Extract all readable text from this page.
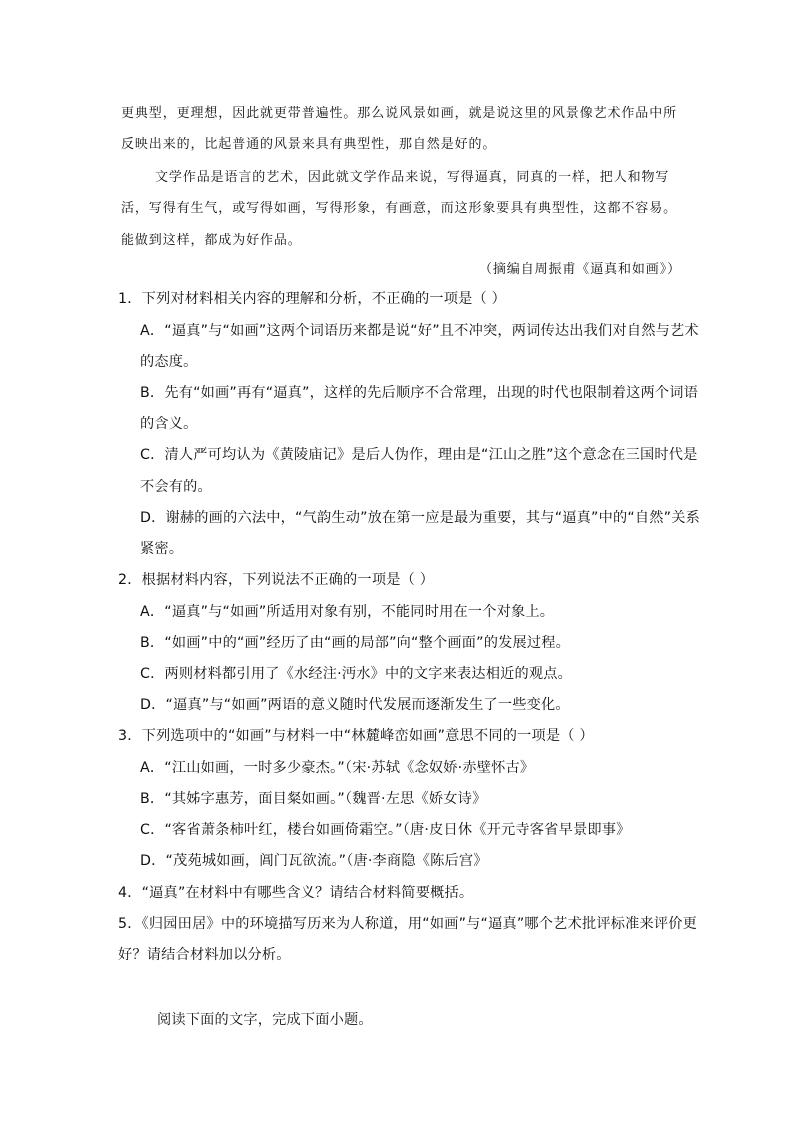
更典型，更理想，因此就更带普遍性。那么说风景如画，就是说这里的风景像艺术作品中所
反映出来的，比起普通的风景来具有典型性，那自然是好的。
文学作品是语言的艺术，因此就文学作品来说，写得逼真，同真的一样，把人和物写
活，写得有生气，或写得如画，写得形象，有画意，而这形象要具有典型性，这都不容易。
能做到这样，都成为好作品。
（摘编自周振甫《逼真和如画》）
1．下列对材料相关内容的理解和分析，不正确的一项是（ ）
A．“逼真”与“如画”这两个词语历来都是说“好”且不冲突，两词传达出我们对自然与艺术
的态度。
B．先有“如画”再有“逼真”，这样的先后顺序不合常理，出现的时代也限制着这两个词语
的含义。
C．清人严可均认为《黄陵庙记》是后人伪作，理由是“江山之胜”这个意念在三国时代是
不会有的。
D．谢赫的画的六法中，“气韵生动”放在第一应是最为重要，其与“逼真”中的“自然”关系
紧密。
2．根据材料内容，下列说法不正确的一项是（ ）
A．“逼真”与“如画”所适用对象有别，不能同时用在一个对象上。
B．“如画”中的“画”经历了由“画的局部”向“整个画面”的发展过程。
C．两则材料都引用了《水经注·沔水》中的文字来表达相近的观点。
D．“逼真”与“如画”两语的意义随时代发展而逐渐发生了一些变化。
3．下列选项中的“如画”与材料一中“林麓峰峦如画”意思不同的一项是（ ）
A．“江山如画，一时多少豪杰。”（宋·苏轼《念奴娇·赤壁怀古》
B．“其姊字惠芳，面目粲如画。”（魏晋·左思《娇女诗》
C．“客省萧条柿叶红，楼台如画倚霜空。”（唐·皮日休《开元寺客省早景即事》
D．“茂苑城如画，阊门瓦欲流。”（唐·李商隐《陈后宫》
4．“逼真”在材料中有哪些含义？请结合材料简要概括。
5．《归园田居》中的环境描写历来为人称道，用“如画”与“逼真”哪个艺术批评标准来评价更
好？请结合材料加以分析。
阅读下面的文字，完成下面小题。
